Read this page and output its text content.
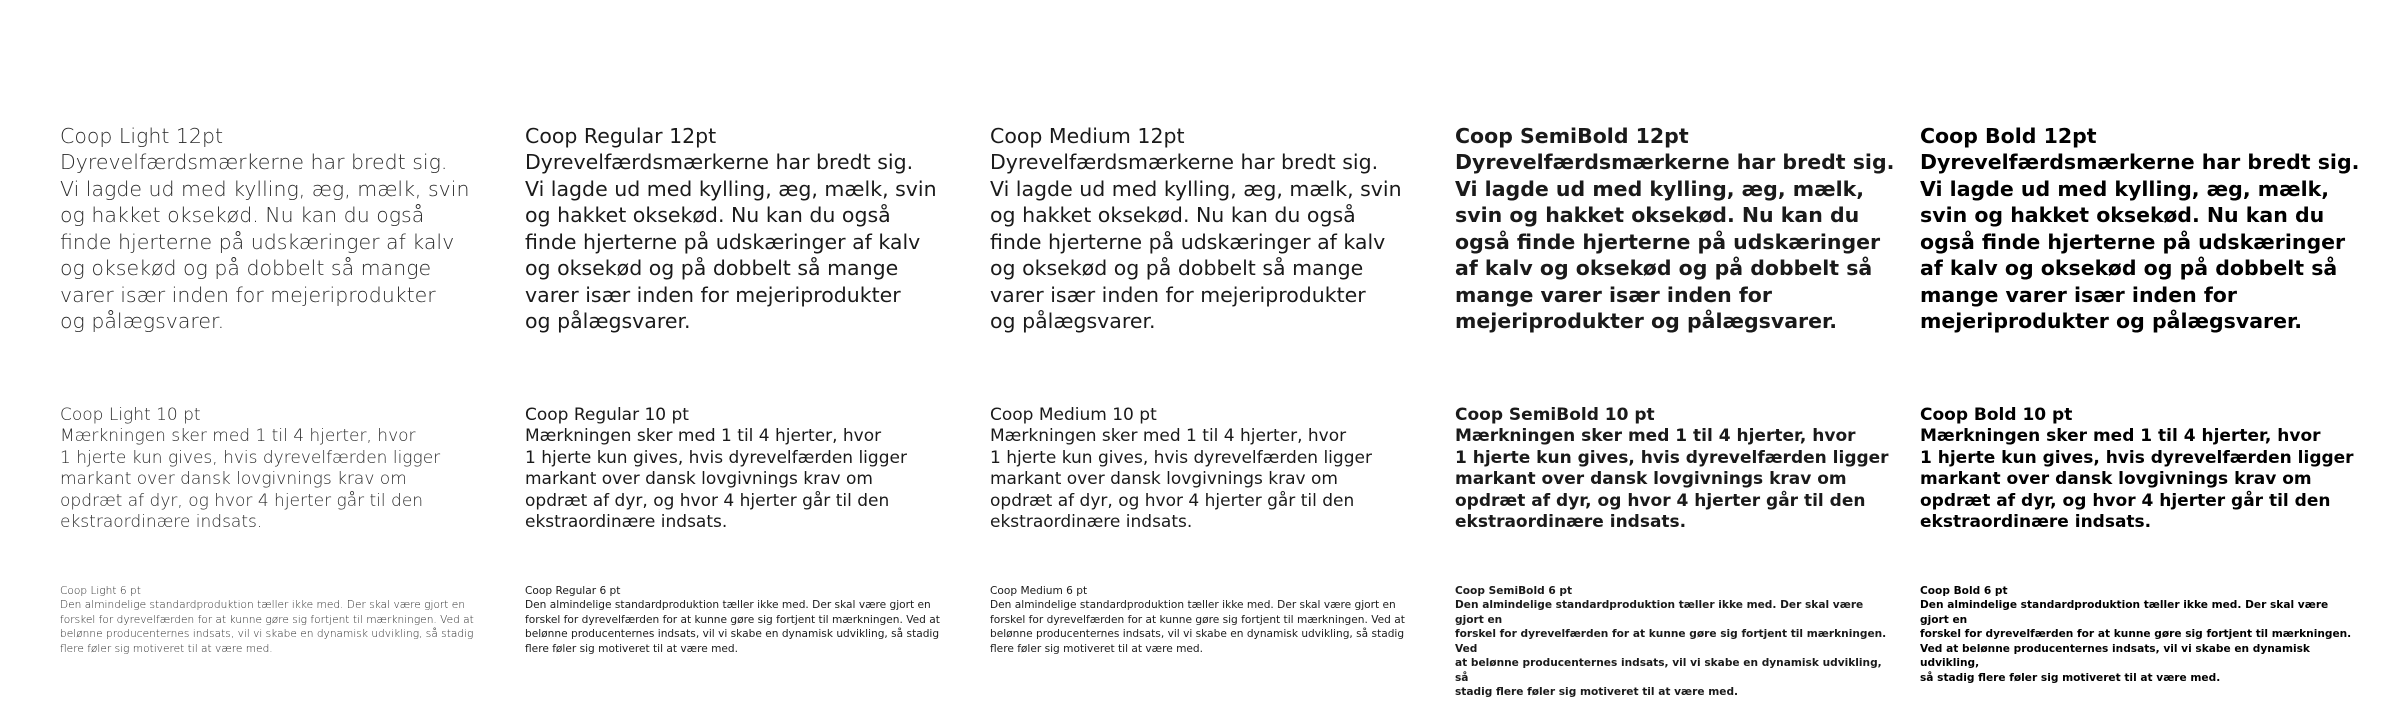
Coop Light 12pt
Dyrevelfærdsmærkerne har bredt sig.
Vi lagde ud med kylling, æg, mælk, svin
og hakket oksekød. Nu kan du også
finde hjerterne på udskæringer af kalv
og oksekød og på dobbelt så mange
varer især inden for mejeriprodukter
og pålægsvarer.

Coop Light 10 pt
Mærkningen sker med 1 til 4 hjerter, hvor
1 hjerte kun gives, hvis dyrevelfærden ligger
markant over dansk lovgivnings krav om
opdræt af dyr, og hvor 4 hjerter går til den
ekstraordinære indsats.

Coop Light 6 pt
Den almindelige standardproduktion tæller ikke med. Der skal være gjort en
forskel for dyrevelfærden for at kunne gøre sig fortjent til mærkningen. Ved at
belønne producenternes indsats, vil vi skabe en dynamisk udvikling, så stadig
flere føler sig motiveret til at være med.

Coop Regular 12pt
Dyrevelfærdsmærkerne har bredt sig.
Vi lagde ud med kylling, æg, mælk, svin
og hakket oksekød. Nu kan du også
finde hjerterne på udskæringer af kalv
og oksekød og på dobbelt så mange
varer især inden for mejeriprodukter
og pålægsvarer.

Coop Regular 10 pt
Mærkningen sker med 1 til 4 hjerter, hvor
1 hjerte kun gives, hvis dyrevelfærden ligger
markant over dansk lovgivnings krav om
opdræt af dyr, og hvor 4 hjerter går til den
ekstraordinære indsats.

Coop Regular 6 pt
Den almindelige standardproduktion tæller ikke med. Der skal være gjort en
forskel for dyrevelfærden for at kunne gøre sig fortjent til mærkningen. Ved at
belønne producenternes indsats, vil vi skabe en dynamisk udvikling, så stadig
flere føler sig motiveret til at være med.

Coop Medium 12pt
Dyrevelfærdsmærkerne har bredt sig.
Vi lagde ud med kylling, æg, mælk, svin
og hakket oksekød. Nu kan du også
finde hjerterne på udskæringer af kalv
og oksekød og på dobbelt så mange
varer især inden for mejeriprodukter
og pålægsvarer.

Coop Medium 10 pt
Mærkningen sker med 1 til 4 hjerter, hvor
1 hjerte kun gives, hvis dyrevelfærden ligger
markant over dansk lovgivnings krav om
opdræt af dyr, og hvor 4 hjerter går til den
ekstraordinære indsats.

Coop Medium 6 pt
Den almindelige standardproduktion tæller ikke med. Der skal være gjort en
forskel for dyrevelfærden for at kunne gøre sig fortjent til mærkningen. Ved at
belønne producenternes indsats, vil vi skabe en dynamisk udvikling, så stadig
flere føler sig motiveret til at være med.

Coop SemiBold 12pt
Dyrevelfærdsmærkerne har bredt sig.
Vi lagde ud med kylling, æg, mælk,
svin og hakket oksekød. Nu kan du
også finde hjerterne på udskæringer
af kalv og oksekød og på dobbelt så
mange varer især inden for
mejeriprodukter og pålægsvarer.

Coop SemiBold 10 pt
Mærkningen sker med 1 til 4 hjerter, hvor
1 hjerte kun gives, hvis dyrevelfærden ligger
markant over dansk lovgivnings krav om
opdræt af dyr, og hvor 4 hjerter går til den
ekstraordinære indsats.

Coop SemiBold 6 pt
Den almindelige standardproduktion tæller ikke med. Der skal være gjort en
forskel for dyrevelfærden for at kunne gøre sig fortjent til mærkningen. Ved
at belønne producenternes indsats, vil vi skabe en dynamisk udvikling, så
stadig flere føler sig motiveret til at være med.

Coop Bold 12pt
Dyrevelfærdsmærkerne har bredt sig.
Vi lagde ud med kylling, æg, mælk,
svin og hakket oksekød. Nu kan du
også finde hjerterne på udskæringer
af kalv og oksekød og på dobbelt så
mange varer især inden for
mejeriprodukter og pålægsvarer.

Coop Bold 10 pt
Mærkningen sker med 1 til 4 hjerter, hvor
1 hjerte kun gives, hvis dyrevelfærden ligger
markant over dansk lovgivnings krav om
opdræt af dyr, og hvor 4 hjerter går til den
ekstraordinære indsats.

Coop Bold 6 pt
Den almindelige standardproduktion tæller ikke med. Der skal være gjort en
forskel for dyrevelfærden for at kunne gøre sig fortjent til mærkningen.
Ved at belønne producenternes indsats, vil vi skabe en dynamisk udvikling,
så stadig flere føler sig motiveret til at være med.
